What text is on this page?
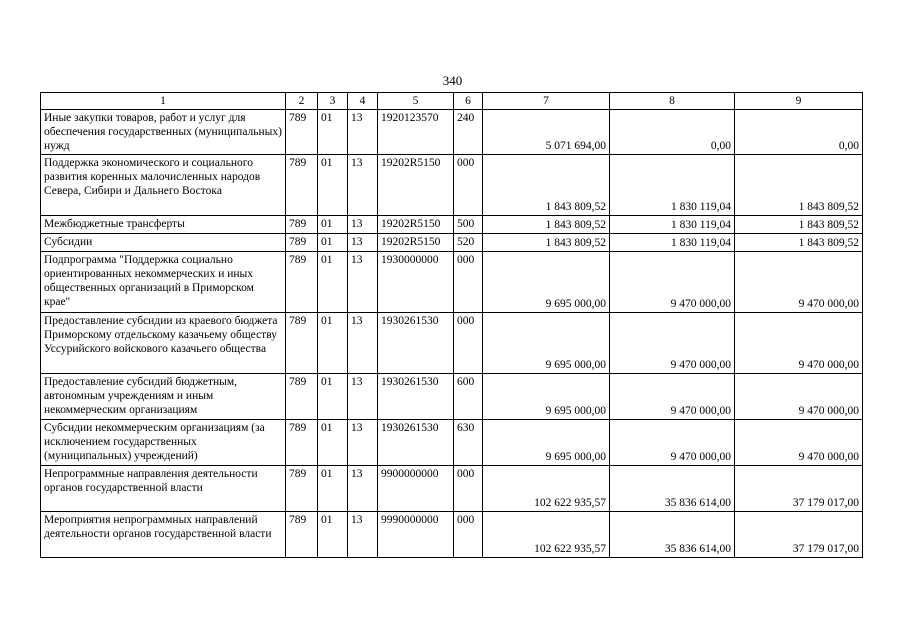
340
1	2	3	4	5	6	7	8	9
Иные закупки товаров, работ и услуг для обеспечения государственных (муниципальных) нужд	789	01	13	1920123570	240	5 071 694,00	0,00	0,00
Поддержка экономического и социального развития коренных малочисленных народов Севера, Сибири и Дальнего Востока	789	01	13	19202R5150	000	1 843 809,52	1 830 119,04	1 843 809,52
Межбюджетные трансферты	789	01	13	19202R5150	500	1 843 809,52	1 830 119,04	1 843 809,52
Субсидии	789	01	13	19202R5150	520	1 843 809,52	1 830 119,04	1 843 809,52
Подпрограмма "Поддержка социально ориентированных некоммерческих и иных общественных организаций в Приморском крае"	789	01	13	1930000000	000	9 695 000,00	9 470 000,00	9 470 000,00
Предоставление субсидии из краевого бюджета Приморскому отдельскому казачьему обществу Уссурийского войскового казачьего общества	789	01	13	1930261530	000	9 695 000,00	9 470 000,00	9 470 000,00
Предоставление субсидий бюджетным, автономным учреждениям и иным некоммерческим организациям	789	01	13	1930261530	600	9 695 000,00	9 470 000,00	9 470 000,00
Субсидии некоммерческим организациям (за исключением государственных (муниципальных) учреждений)	789	01	13	1930261530	630	9 695 000,00	9 470 000,00	9 470 000,00
Непрограммные направления деятельности органов государственной власти	789	01	13	9900000000	000	102 622 935,57	35 836 614,00	37 179 017,00
Мероприятия непрограммных направлений деятельности органов государственной власти	789	01	13	9990000000	000	102 622 935,57	35 836 614,00	37 179 017,00
